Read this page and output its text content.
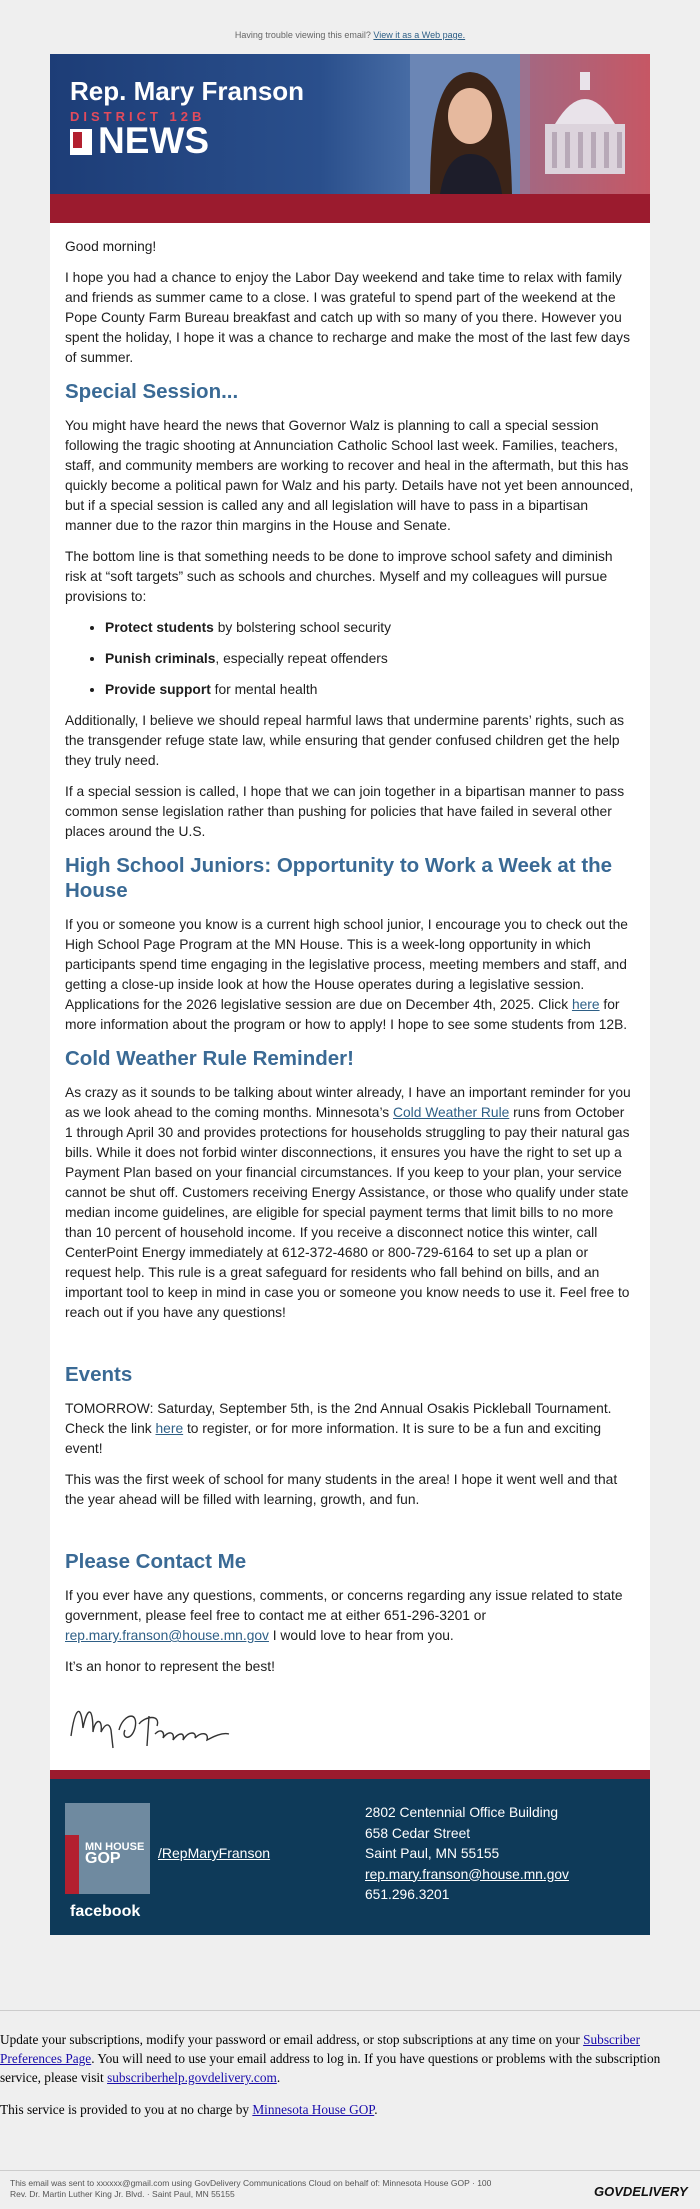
Having trouble viewing this email? View it as a Web page.
Rep. Mary Franson
DISTRICT 12B
NEWS

Good morning!

I hope you had a chance to enjoy the Labor Day weekend and take time to relax with family and friends as summer came to a close. I was grateful to spend part of the weekend at the Pope County Farm Bureau breakfast and catch up with so many of you there. However you spent the holiday, I hope it was a chance to recharge and make the most of the last few days of summer.

Special Session...

You might have heard the news that Governor Walz is planning to call a special session following the tragic shooting at Annunciation Catholic School last week. Families, teachers, staff, and community members are working to recover and heal in the aftermath, but this has quickly become a political pawn for Walz and his party. Details have not yet been announced, but if a special session is called any and all legislation will have to pass in a bipartisan manner due to the razor thin margins in the House and Senate.

The bottom line is that something needs to be done to improve school safety and diminish risk at “soft targets” such as schools and churches. Myself and my colleagues will pursue provisions to:

• Protect students by bolstering school security
• Punish criminals, especially repeat offenders
• Provide support for mental health

Additionally, I believe we should repeal harmful laws that undermine parents’ rights, such as the transgender refuge state law, while ensuring that gender confused children get the help they truly need.

If a special session is called, I hope that we can join together in a bipartisan manner to pass common sense legislation rather than pushing for policies that have failed in several other places around the U.S.

High School Juniors: Opportunity to Work a Week at the House

If you or someone you know is a current high school junior, I encourage you to check out the High School Page Program at the MN House. This is a week-long opportunity in which participants spend time engaging in the legislative process, meeting members and staff, and getting a close-up inside look at how the House operates during a legislative session. Applications for the 2026 legislative session are due on December 4th, 2025. Click here for more information about the program or how to apply! I hope to see some students from 12B.

Cold Weather Rule Reminder!

As crazy as it sounds to be talking about winter already, I have an important reminder for you as we look ahead to the coming months. Minnesota’s Cold Weather Rule runs from October 1 through April 30 and provides protections for households struggling to pay their natural gas bills. While it does not forbid winter disconnections, it ensures you have the right to set up a Payment Plan based on your financial circumstances. If you keep to your plan, your service cannot be shut off. Customers receiving Energy Assistance, or those who qualify under state median income guidelines, are eligible for special payment terms that limit bills to no more than 10 percent of household income. If you receive a disconnect notice this winter, call CenterPoint Energy immediately at 612-372-4680 or 800-729-6164 to set up a plan or request help. This rule is a great safeguard for residents who fall behind on bills, and an important tool to keep in mind in case you or someone you know needs to use it. Feel free to reach out if you have any questions!

Events

TOMORROW: Saturday, September 5th, is the 2nd Annual Osakis Pickleball Tournament. Check the link here to register, or for more information. It is sure to be a fun and exciting event!

This was the first week of school for many students in the area! I hope it went well and that the year ahead will be filled with learning, growth, and fun.

Please Contact Me

If you ever have any questions, comments, or concerns regarding any issue related to state government, please feel free to contact me at either 651-296-3201 or rep.mary.franson@house.mn.gov I would love to hear from you.

It’s an honor to represent the best!

MN HOUSE
GOP
facebook
/RepMaryFranson
2802 Centennial Office Building
658 Cedar Street
Saint Paul, MN 55155
rep.mary.franson@house.mn.gov
651.296.3201

Update your subscriptions, modify your password or email address, or stop subscriptions at any time on your Subscriber Preferences Page. You will need to use your email address to log in. If you have questions or problems with the subscription service, please visit subscriberhelp.govdelivery.com.

This service is provided to you at no charge by Minnesota House GOP.

This email was sent to xxxxxx@gmail.com using GovDelivery Communications Cloud on behalf of: Minnesota House GOP · 100
Rev. Dr. Martin Luther King Jr. Blvd. · Saint Paul, MN 55155	GOVDELIVERY
